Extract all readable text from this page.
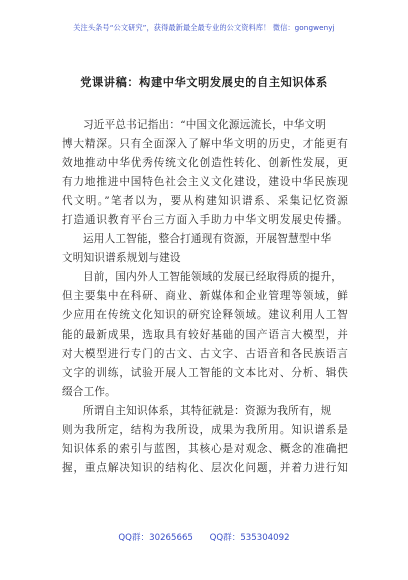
关注头条号“公文研究”，获得最新最全最专业的公文资料库！ 微信：gongwenyj
党课讲稿：构建中华文明发展史的自主知识体系
习近平总书记指出：“中国文化源远流长，中华文明
博大精深。只有全面深入了解中华文明的历史，才能更有
效地推动中华优秀传统文化创造性转化、创新性发展，更
有力地推进中国特色社会主义文化建设，建设中华民族现
代文明。”笔者以为，要从构建知识谱系、采集记忆资源
打造通识教育平台三方面入手助力中华文明发展史传播。
运用人工智能，整合打通现有资源，开展智慧型中华
文明知识谱系规划与建设
目前，国内外人工智能领域的发展已经取得质的提升，
但主要集中在科研、商业、新媒体和企业管理等领域，鲜
少应用在传统文化知识的研究诠释领域。建议利用人工智
能的最新成果，选取具有较好基础的国产语言大模型，并
对大模型进行专门的古文、古文字、古语音和各民族语言
文字的训练，试验开展人工智能的文本比对、分析、辑佚
缀合工作。
所谓自主知识体系，其特征就是：资源为我所有，规
则为我所定，结构为我所设，成果为我所用。知识谱系是
知识体系的索引与蓝图，其核心是对观念、概念的准确把
握，重点解决知识的结构化、层次化问题，并着力进行知
QQ群：30265665 QQ群：535304092
